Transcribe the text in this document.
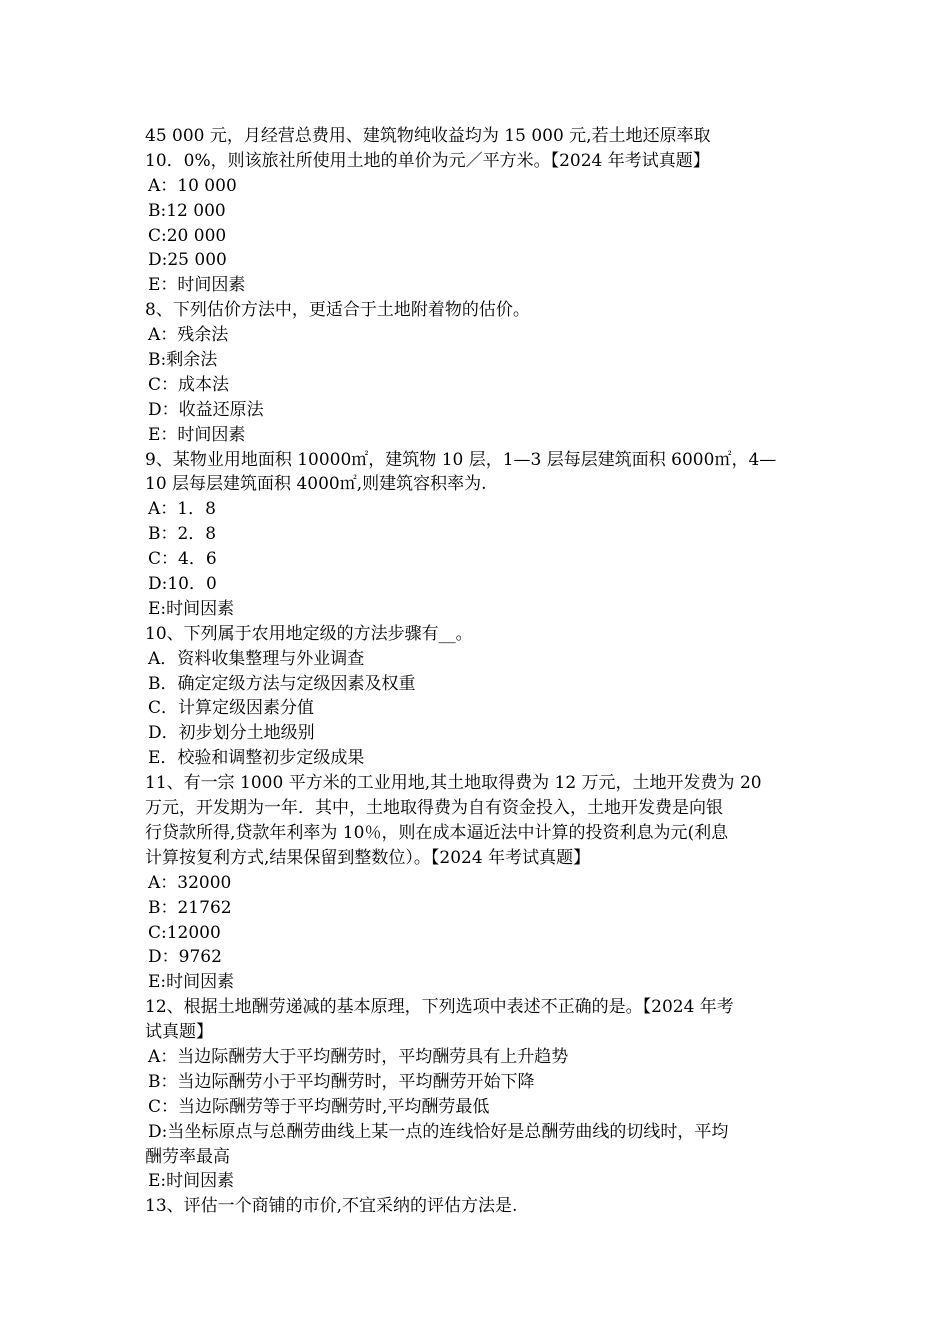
45 000 元，月经营总费用、建筑物纯收益均为 15 000 元,若土地还原率取
10．0%，则该旅社所使用土地的单价为元／平方米。【2024 年考试真题】
A：10 000
B:12 000
C:20 000
D:25 000
E：时间因素
8、下列估价方法中，更适合于土地附着物的估价。
A：残余法
B:剩余法
C：成本法
D：收益还原法
E：时间因素
9、某物业用地面积 10000㎡，建筑物 10 层，1—3 层每层建筑面积 6000㎡，4—
10 层每层建筑面积 4000㎡,则建筑容积率为.
A：1．8
B：2．8
C：4．6
D:10．0
E:时间因素
10、下列属于农用地定级的方法步骤有__。
A．资料收集整理与外业调查
B．确定定级方法与定级因素及权重
C．计算定级因素分值
D．初步划分土地级别
E．校验和调整初步定级成果
11、有一宗 1000 平方米的工业用地,其土地取得费为 12 万元，土地开发费为 20
万元，开发期为一年．其中，土地取得费为自有资金投入，土地开发费是向银
行贷款所得,贷款年利率为 10％，则在成本逼近法中计算的投资利息为元(利息
计算按复利方式,结果保留到整数位）。【2024 年考试真题】
A：32000
B：21762
C:12000
D：9762
E:时间因素
12、根据土地酬劳递减的基本原理，下列选项中表述不正确的是。【2024 年考
试真题】
A：当边际酬劳大于平均酬劳时，平均酬劳具有上升趋势
B：当边际酬劳小于平均酬劳时，平均酬劳开始下降
C：当边际酬劳等于平均酬劳时,平均酬劳最低
D:当坐标原点与总酬劳曲线上某一点的连线恰好是总酬劳曲线的切线时，平均
酬劳率最高
E:时间因素
13、评估一个商铺的市价,不宜采纳的评估方法是.
